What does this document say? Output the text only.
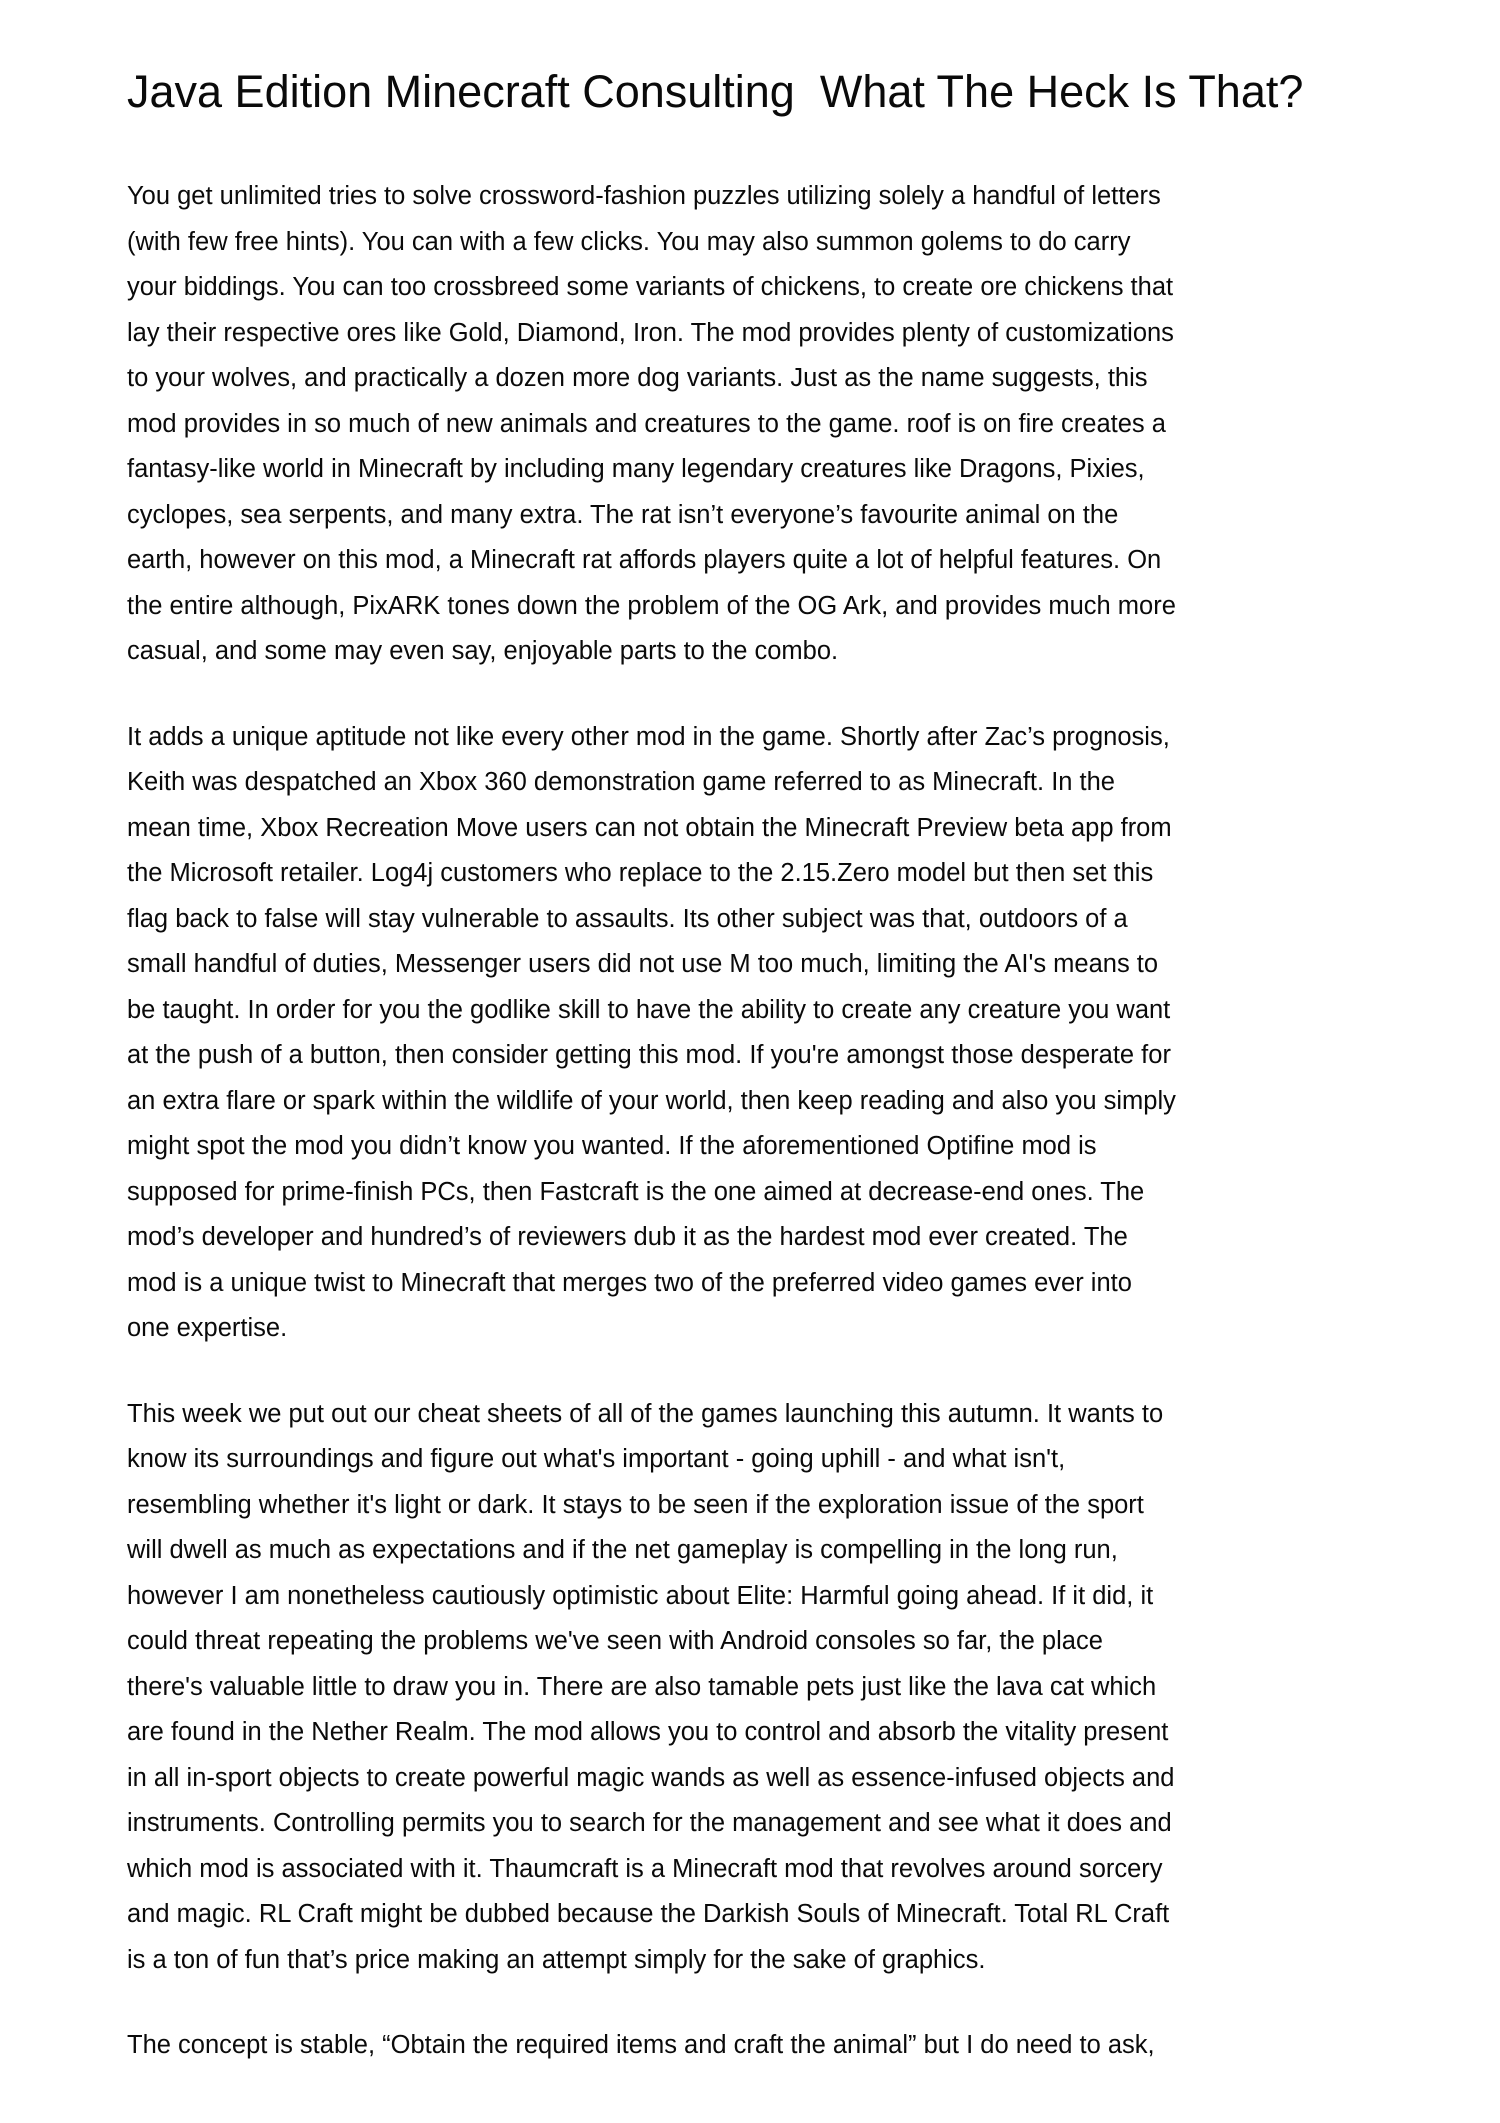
Java Edition Minecraft Consulting  What The Heck Is That?

You get unlimited tries to solve crossword-fashion puzzles utilizing solely a handful of letters
(with few free hints). You can with a few clicks. You may also summon golems to do carry
your biddings. You can too crossbreed some variants of chickens, to create ore chickens that
lay their respective ores like Gold, Diamond, Iron. The mod provides plenty of customizations
to your wolves, and practically a dozen more dog variants. Just as the name suggests, this
mod provides in so much of new animals and creatures to the game. roof is on fire creates a
fantasy-like world in Minecraft by including many legendary creatures like Dragons, Pixies,
cyclopes, sea serpents, and many extra. The rat isn’t everyone’s favourite animal on the
earth, however on this mod, a Minecraft rat affords players quite a lot of helpful features. On
the entire although, PixARK tones down the problem of the OG Ark, and provides much more
casual, and some may even say, enjoyable parts to the combo.

It adds a unique aptitude not like every other mod in the game. Shortly after Zac’s prognosis,
Keith was despatched an Xbox 360 demonstration game referred to as Minecraft. In the
mean time, Xbox Recreation Move users can not obtain the Minecraft Preview beta app from
the Microsoft retailer. Log4j customers who replace to the 2.15.Zero model but then set this
flag back to false will stay vulnerable to assaults. Its other subject was that, outdoors of a
small handful of duties, Messenger users did not use M too much, limiting the AI's means to
be taught. In order for you the godlike skill to have the ability to create any creature you want
at the push of a button, then consider getting this mod. If you're amongst those desperate for
an extra flare or spark within the wildlife of your world, then keep reading and also you simply
might spot the mod you didn’t know you wanted. If the aforementioned Optifine mod is
supposed for prime-finish PCs, then Fastcraft is the one aimed at decrease-end ones. The
mod’s developer and hundred’s of reviewers dub it as the hardest mod ever created. The
mod is a unique twist to Minecraft that merges two of the preferred video games ever into
one expertise.

This week we put out our cheat sheets of all of the games launching this autumn. It wants to
know its surroundings and figure out what's important - going uphill - and what isn't,
resembling whether it's light or dark. It stays to be seen if the exploration issue of the sport
will dwell as much as expectations and if the net gameplay is compelling in the long run,
however I am nonetheless cautiously optimistic about Elite: Harmful going ahead. If it did, it
could threat repeating the problems we've seen with Android consoles so far, the place
there's valuable little to draw you in. There are also tamable pets just like the lava cat which
are found in the Nether Realm. The mod allows you to control and absorb the vitality present
in all in-sport objects to create powerful magic wands as well as essence-infused objects and
instruments. Controlling permits you to search for the management and see what it does and
which mod is associated with it. Thaumcraft is a Minecraft mod that revolves around sorcery
and magic. RL Craft might be dubbed because the Darkish Souls of Minecraft. Total RL Craft
is a ton of fun that’s price making an attempt simply for the sake of graphics.

The concept is stable, “Obtain the required items and craft the animal” but I do need to ask,
